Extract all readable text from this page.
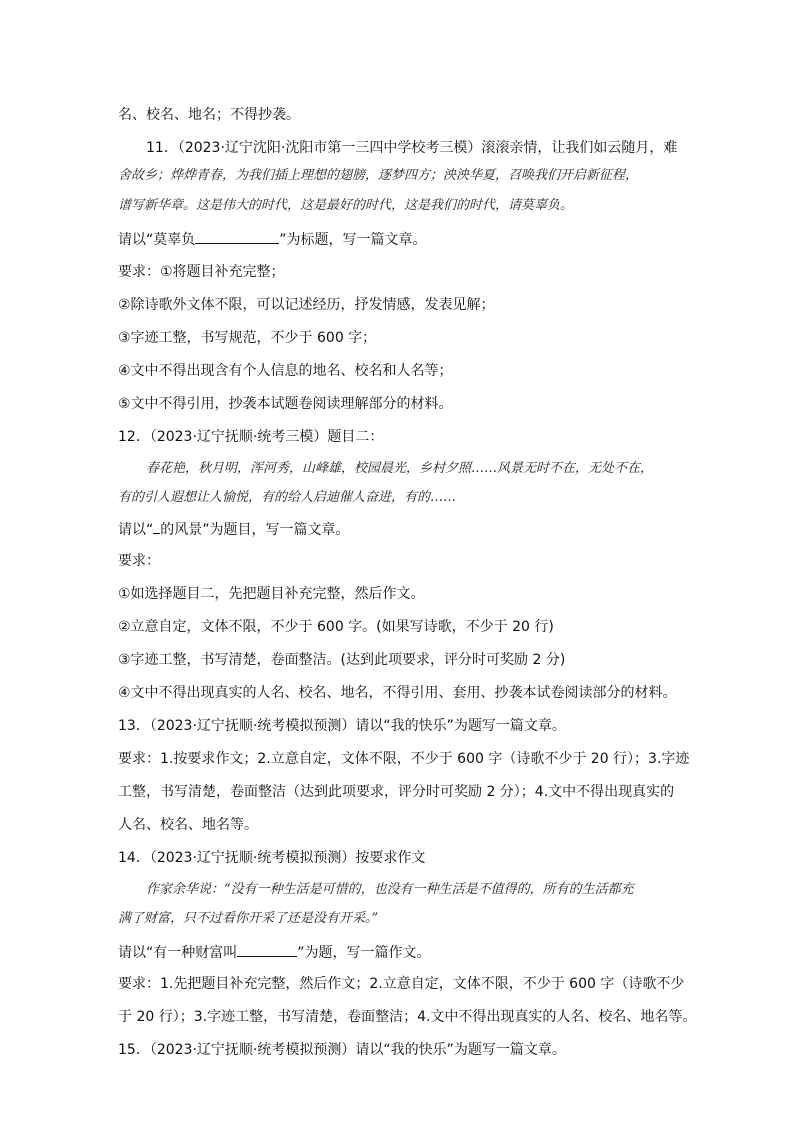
名、校名、地名；不得抄袭。
11．（2023·辽宁沈阳·沈阳市第一三四中学校考三模）滚滚亲情，让我们如云随月，难
舍故乡；烨烨青春，为我们插上理想的翅膀，逐梦四方；泱泱华夏，召唤我们开启新征程，
谱写新华章。这是伟大的时代，这是最好的时代，这是我们的时代，请莫辜负。
请以“莫辜负	”为标题，写一篇文章。
要求：①将题目补充完整；
②除诗歌外文体不限，可以记述经历，抒发情感，发表见解；
③字迹工整，书写规范，不少于 600 字；
④文中不得出现含有个人信息的地名、校名和人名等；
⑤文中不得引用，抄袭本试题卷阅读理解部分的材料。
12．（2023·辽宁抚顺·统考三模）题目二：
春花艳，秋月明，浑河秀，山峰雄，校园晨光，乡村夕照……风景无时不在，无处不在，
有的引人遐想让人愉悦，有的给人启迪催人奋进，有的……
请以“ 的风景”为题目，写一篇文章。
要求：
①如选择题目二，先把题目补充完整，然后作文。
②立意自定，文体不限，不少于 600 字。(如果写诗歌，不少于 20 行)
③字迹工整，书写清楚，卷面整洁。(达到此项要求，评分时可奖励 2 分)
④文中不得出现真实的人名、校名、地名，不得引用、套用、抄袭本试卷阅读部分的材料。
13．（2023·辽宁抚顺·统考模拟预测）请以“我的快乐”为题写一篇文章。
要求：1.按要求作文；2.立意自定，文体不限，不少于 600 字（诗歌不少于 20 行）；3.字迹
工整，书写清楚，卷面整洁（达到此项要求，评分时可奖励 2 分）；4.文中不得出现真实的
人名、校名、地名等。
14．（2023·辽宁抚顺·统考模拟预测）按要求作文
作家余华说：“没有一种生活是可惜的，也没有一种生活是不值得的，所有的生活都充
满了财富，只不过看你开采了还是没有开采。”
请以“有一种财富叫	”为题，写一篇作文。
要求：1.先把题目补充完整，然后作文；2.立意自定，文体不限，不少于 600 字（诗歌不少
于 20 行）；3.字迹工整，书写清楚，卷面整洁；4.文中不得出现真实的人名、校名、地名等。
15．（2023·辽宁抚顺·统考模拟预测）请以“我的快乐”为题写一篇文章。
